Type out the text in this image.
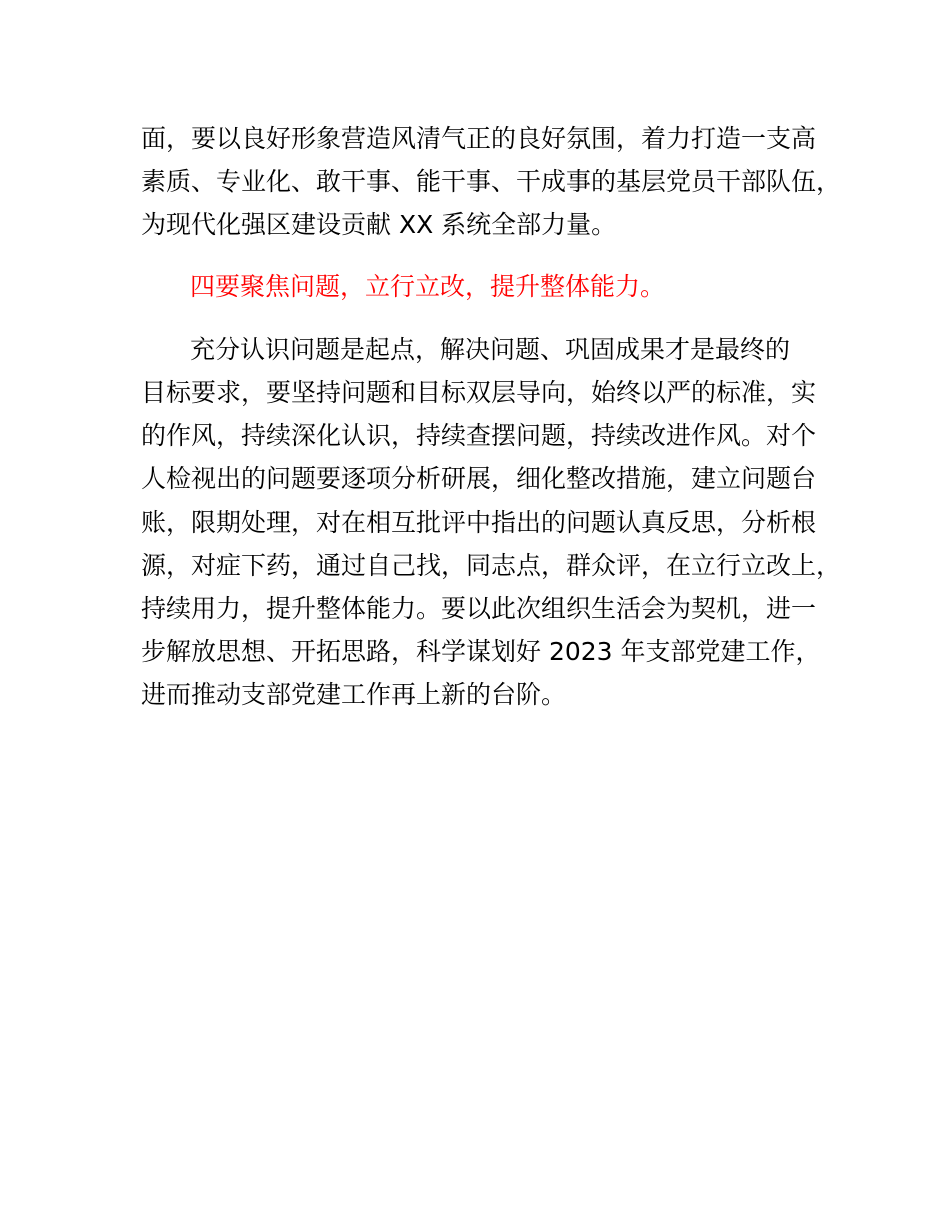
面，要以良好形象营造风清气正的良好氛围，着力打造一支高

素质、专业化、敢干事、能干事、干成事的基层党员干部队伍，

为现代化强区建设贡献 XX 系统全部力量。

四要聚焦问题，立行立改，提升整体能力。

充分认识问题是起点，解决问题、巩固成果才是最终的

目标要求，要坚持问题和目标双层导向，始终以严的标准，实

的作风，持续深化认识，持续查摆问题，持续改进作风。对个

人检视出的问题要逐项分析研展，细化整改措施，建立问题台

账，限期处理，对在相互批评中指出的问题认真反思，分析根

源，对症下药，通过自己找，同志点，群众评，在立行立改上，

持续用力，提升整体能力。要以此次组织生活会为契机，进一

步解放思想、开拓思路，科学谋划好 2023 年支部党建工作，

进而推动支部党建工作再上新的台阶。
